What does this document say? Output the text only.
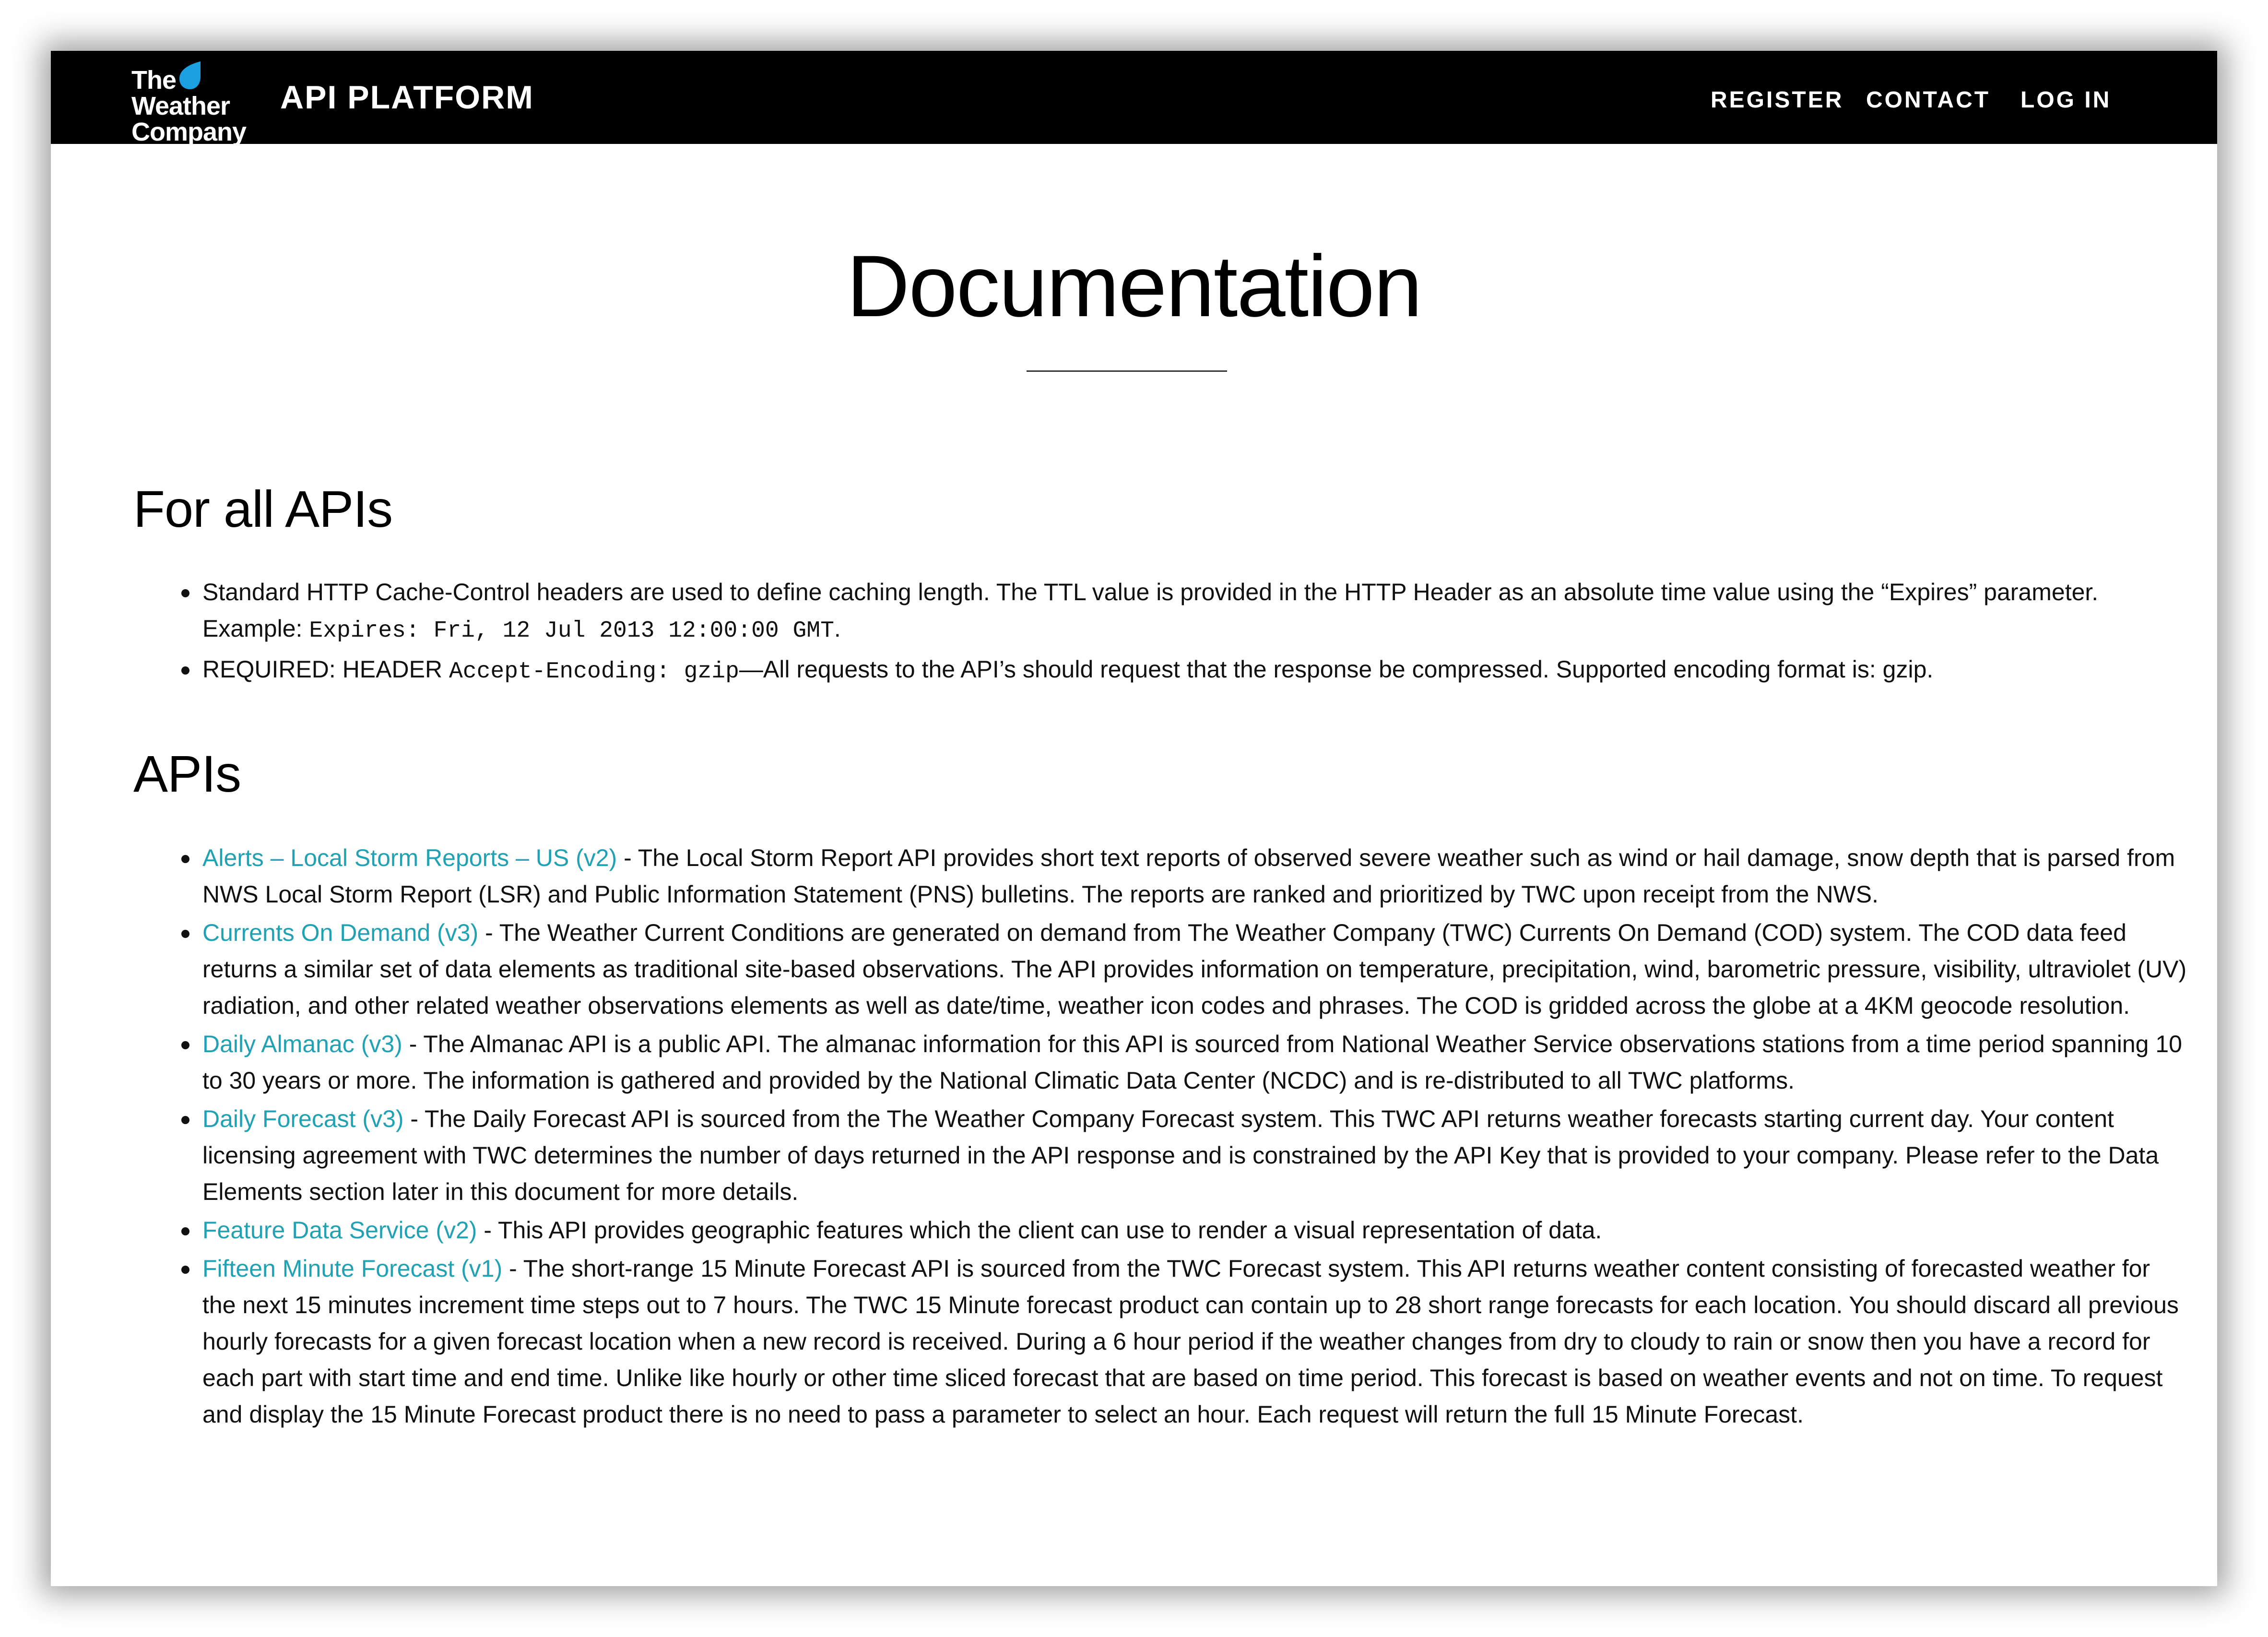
The
Weather
Company
API PLATFORM	REGISTER CONTACT LOG IN
Documentation
For all APIs
Standard HTTP Cache-Control headers are used to define caching length. The TTL value is provided in the HTTP Header as an absolute time value using the “Expires” parameter. Example: Expires: Fri, 12 Jul 2013 12:00:00 GMT.
REQUIRED: HEADER Accept-Encoding: gzip—All requests to the API’s should request that the response be compressed. Supported encoding format is: gzip.
APIs
Alerts – Local Storm Reports – US (v2) - The Local Storm Report API provides short text reports of observed severe weather such as wind or hail damage, snow depth that is parsed from NWS Local Storm Report (LSR) and Public Information Statement (PNS) bulletins. The reports are ranked and prioritized by TWC upon receipt from the NWS.
Currents On Demand (v3) - The Weather Current Conditions are generated on demand from The Weather Company (TWC) Currents On Demand (COD) system. The COD data feed returns a similar set of data elements as traditional site-based observations. The API provides information on temperature, precipitation, wind, barometric pressure, visibility, ultraviolet (UV) radiation, and other related weather observations elements as well as date/time, weather icon codes and phrases. The COD is gridded across the globe at a 4KM geocode resolution.
Daily Almanac (v3) - The Almanac API is a public API. The almanac information for this API is sourced from National Weather Service observations stations from a time period spanning 10 to 30 years or more. The information is gathered and provided by the National Climatic Data Center (NCDC) and is re-distributed to all TWC platforms.
Daily Forecast (v3) - The Daily Forecast API is sourced from the The Weather Company Forecast system. This TWC API returns weather forecasts starting current day. Your content licensing agreement with TWC determines the number of days returned in the API response and is constrained by the API Key that is provided to your company. Please refer to the Data Elements section later in this document for more details.
Feature Data Service (v2) - This API provides geographic features which the client can use to render a visual representation of data.
Fifteen Minute Forecast (v1) - The short-range 15 Minute Forecast API is sourced from the TWC Forecast system. This API returns weather content consisting of forecasted weather for the next 15 minutes increment time steps out to 7 hours. The TWC 15 Minute forecast product can contain up to 28 short range forecasts for each location. You should discard all previous hourly forecasts for a given forecast location when a new record is received. During a 6 hour period if the weather changes from dry to cloudy to rain or snow then you have a record for each part with start time and end time. Unlike like hourly or other time sliced forecast that are based on time period. This forecast is based on weather events and not on time. To request and display the 15 Minute Forecast product there is no need to pass a parameter to select an hour. Each request will return the full 15 Minute Forecast.
